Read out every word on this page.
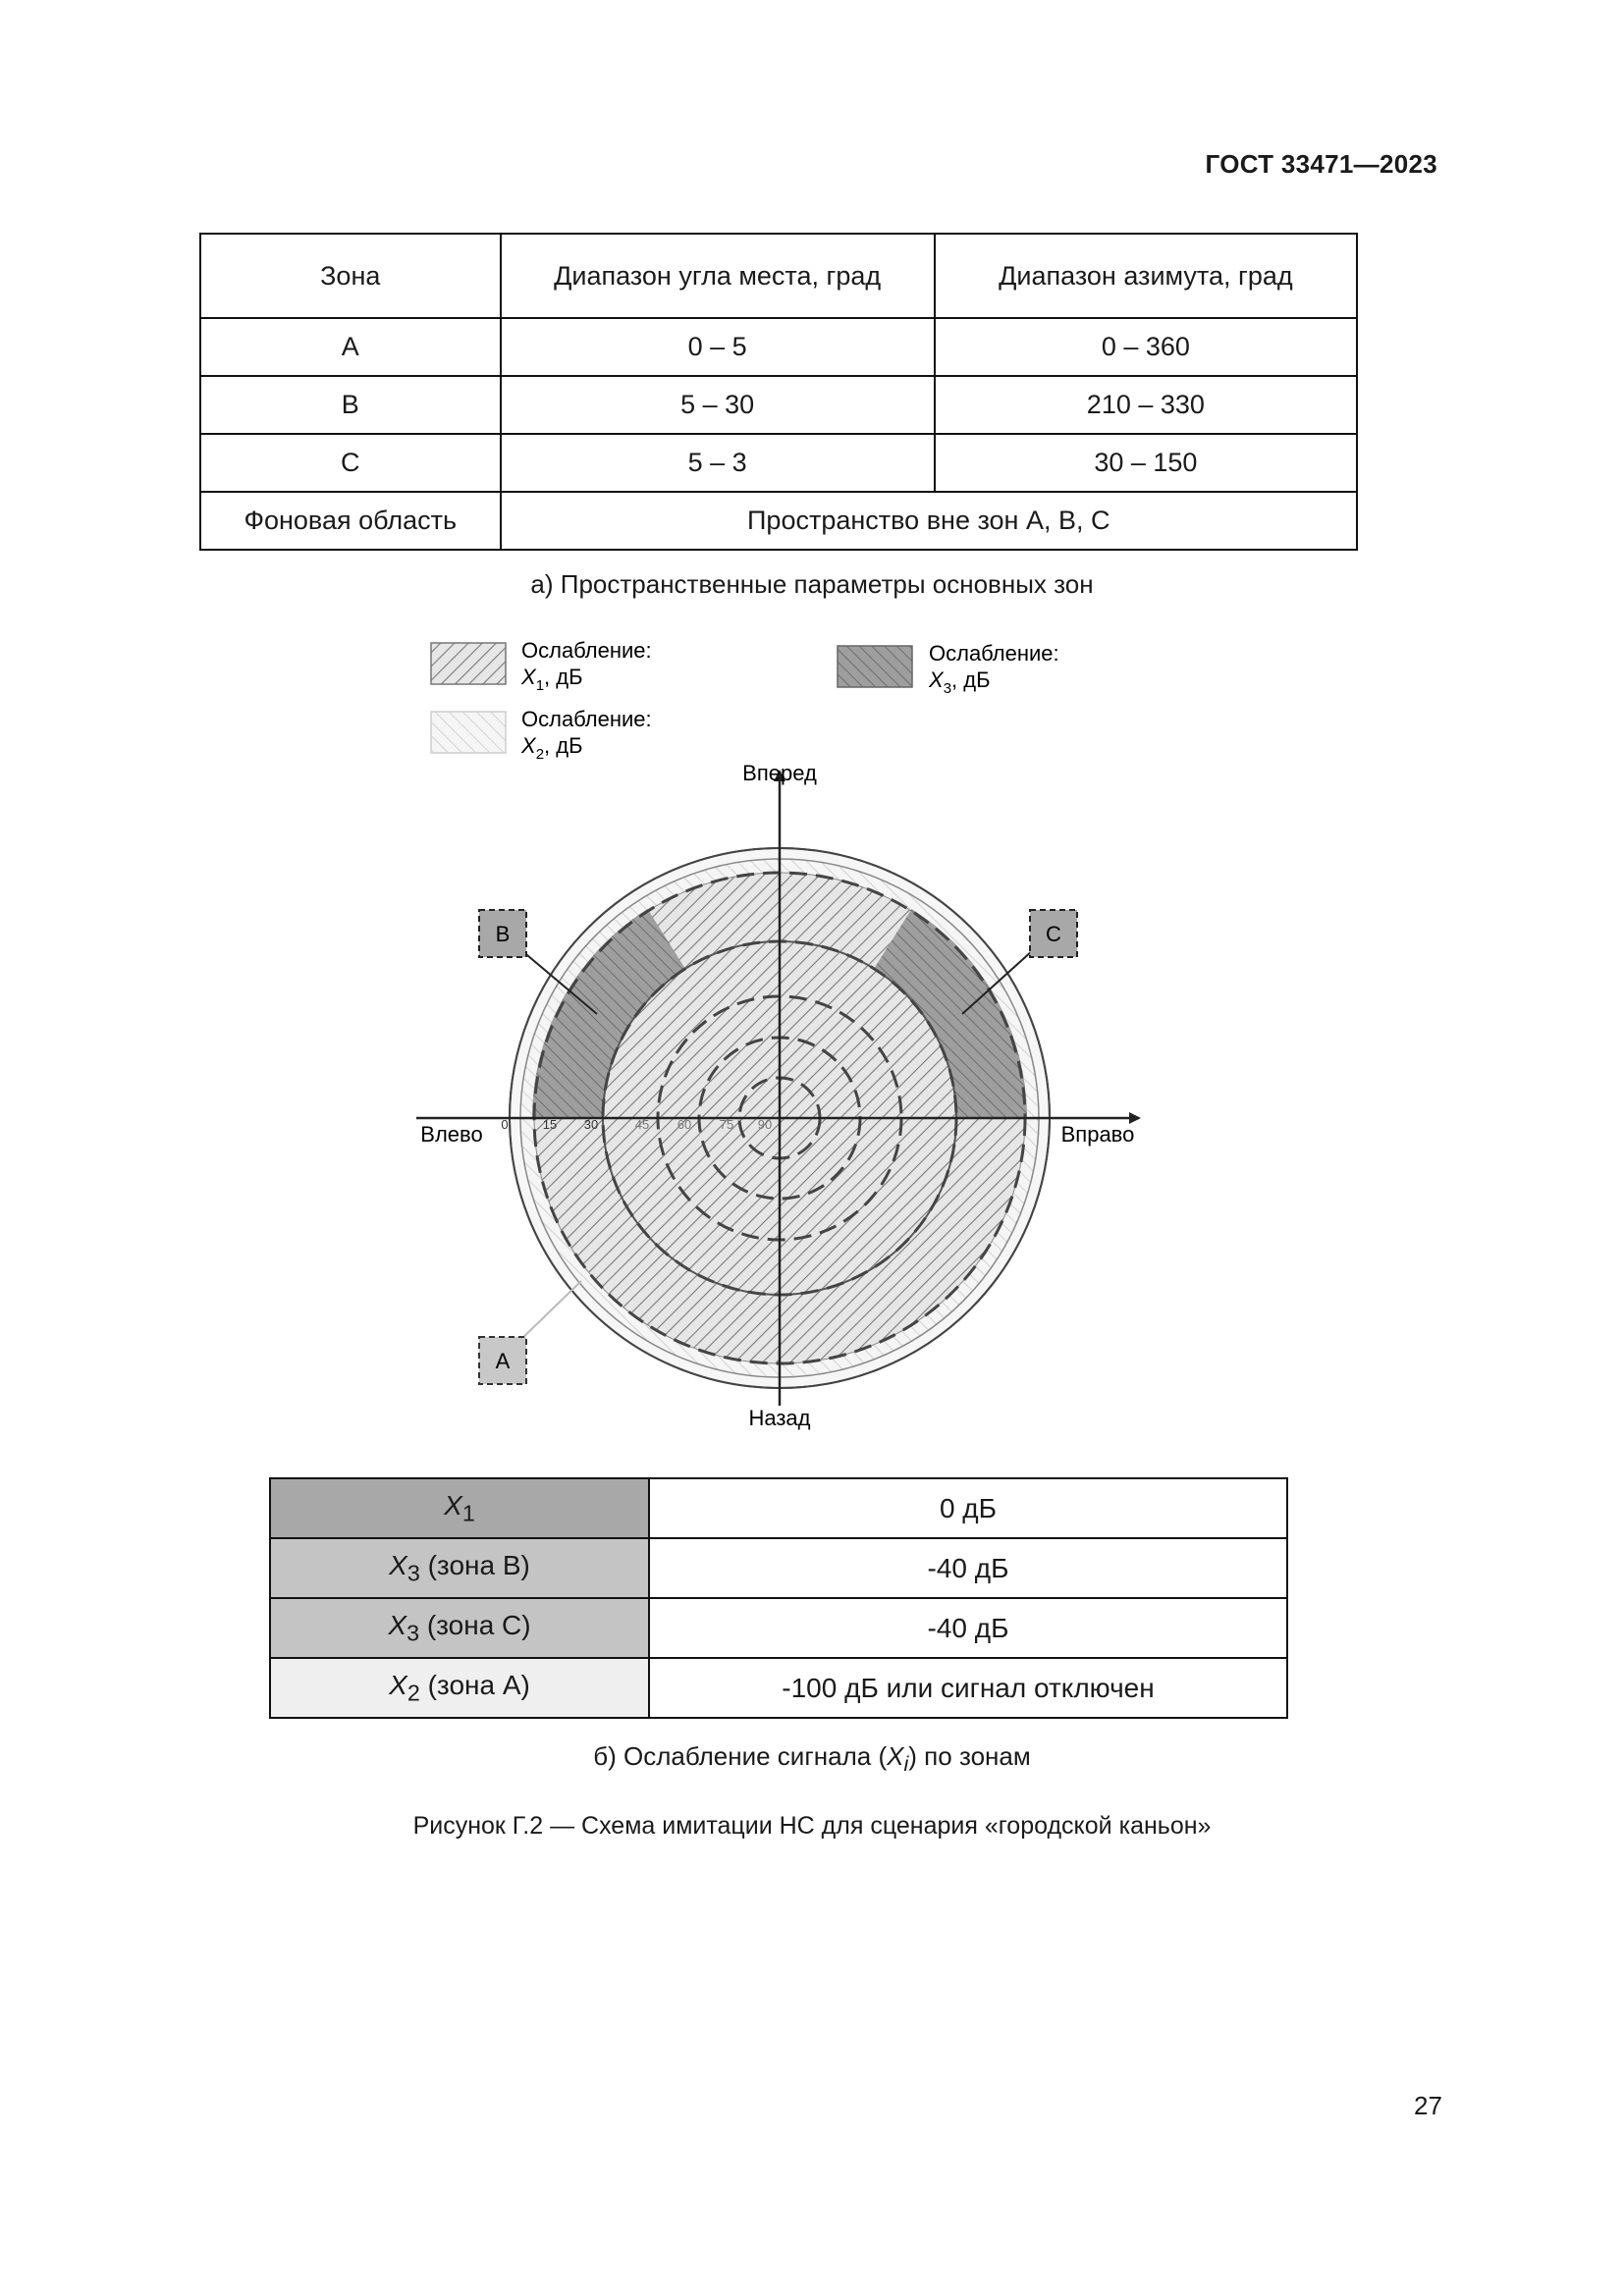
ГОСТ 33471—2023
Зона	Диапазон угла места, град	Диапазон азимута, град
A	0 – 5	0 – 360
B	5 – 30	210 – 330
C	5 – 3	30 – 150
Фоновая область	Пространство вне зон A, B, C	
а) Пространственные параметры основных зон
Ослабление:
$X_1$, дБ
Ослабление:
$X_2$, дБ
Ослабление:
$X_3$, дБ
Вперед
Назад
Влево	Вправо
0	15 30	45 60 75 90
B	C
A
$X_1$	0 дБ
$X_3$ (зона B)	-40 дБ
$X_3$ (зона C)	-40 дБ
$X_2$ (зона A)	-100 дБ или сигнал отключен
б) Ослабление сигнала $(X_i)$ по зонам
Рисунок Г.2 — Схема имитации НС для сценария «городской каньон»
27
